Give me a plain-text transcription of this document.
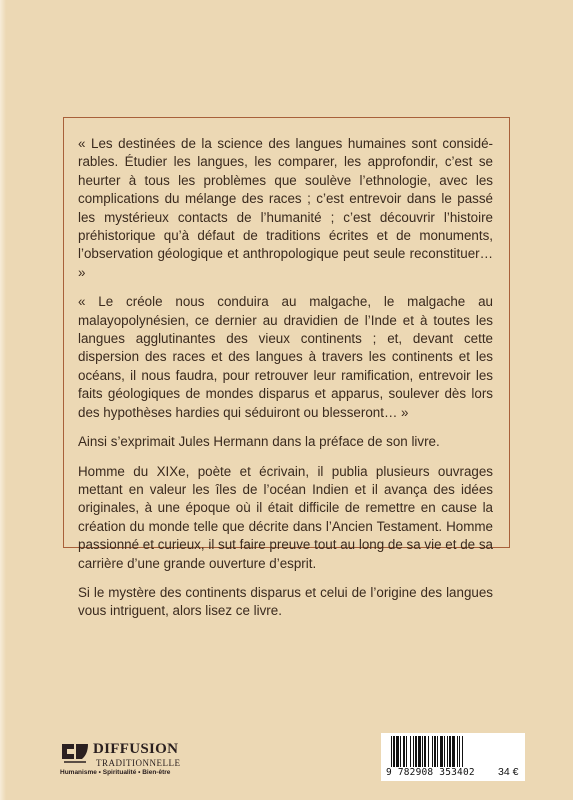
« Les destinées de la science des langues humaines sont considé-rables. Étudier les langues, les comparer, les approfondir, c’est se heurter à tous les problèmes que soulève l’ethnologie, avec les complications du mélange des races ; c’est entrevoir dans le passé les mystérieux contacts de l’humanité ; c’est découvrir l’histoire préhistorique qu’à défaut de traditions écrites et de monuments, l’observation géologique et anthropologique peut seule reconstituer… »

« Le créole nous conduira au malgache, le malgache au malayopolynésien, ce dernier au dravidien de l’Inde et à toutes les langues agglutinantes des vieux continents ; et, devant cette dispersion des races et des langues à travers les continents et les océans, il nous faudra, pour retrouver leur ramification, entrevoir les faits géologiques de mondes disparus et apparus, soulever dès lors des hypothèses hardies qui séduiront ou blesseront… »

Ainsi s’exprimait Jules Hermann dans la préface de son livre.

Homme du XIXe, poète et écrivain, il publia plusieurs ouvrages mettant en valeur les îles de l’océan Indien et il avança des idées originales, à une époque où il était difficile de remettre en cause la création du monde telle que décrite dans l’Ancien Testament. Homme passionné et curieux, il sut faire preuve tout au long de sa vie et de sa carrière d’une grande ouverture d’esprit.

Si le mystère des continents disparus et celui de l’origine des langues vous intriguent, alors lisez ce livre.

DIFFUSION
TRADITIONNELLE
Humanisme • Spiritualité • Bien-être	9 782908 353402 34 €
